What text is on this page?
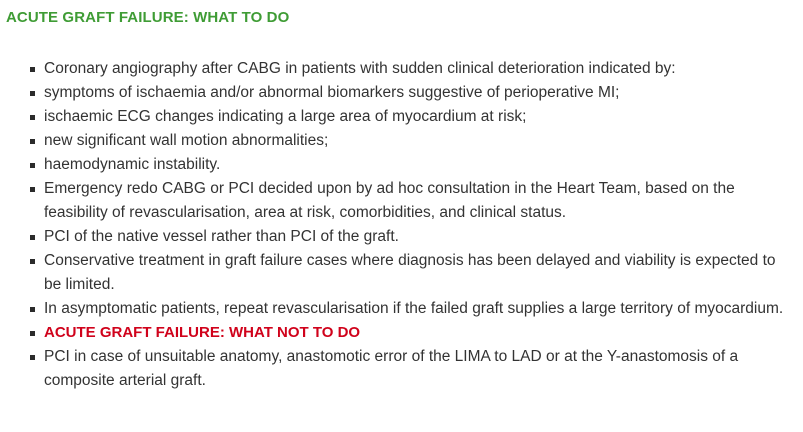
ACUTE GRAFT FAILURE: WHAT TO DO
Coronary angiography after CABG in patients with sudden clinical deterioration indicated by:
symptoms of ischaemia and/or abnormal biomarkers suggestive of perioperative MI;
ischaemic ECG changes indicating a large area of myocardium at risk;
new significant wall motion abnormalities;
haemodynamic instability.
Emergency redo CABG or PCI decided upon by ad hoc consultation in the Heart Team, based on the feasibility of revascularisation, area at risk, comorbidities, and clinical status.
PCI of the native vessel rather than PCI of the graft.
Conservative treatment in graft failure cases where diagnosis has been delayed and viability is expected to be limited.
In asymptomatic patients, repeat revascularisation if the failed graft supplies a large territory of myocardium.
ACUTE GRAFT FAILURE: WHAT NOT TO DO
PCI in case of unsuitable anatomy, anastomotic error of the LIMA to LAD or at the Y-anastomosis of a composite arterial graft.
